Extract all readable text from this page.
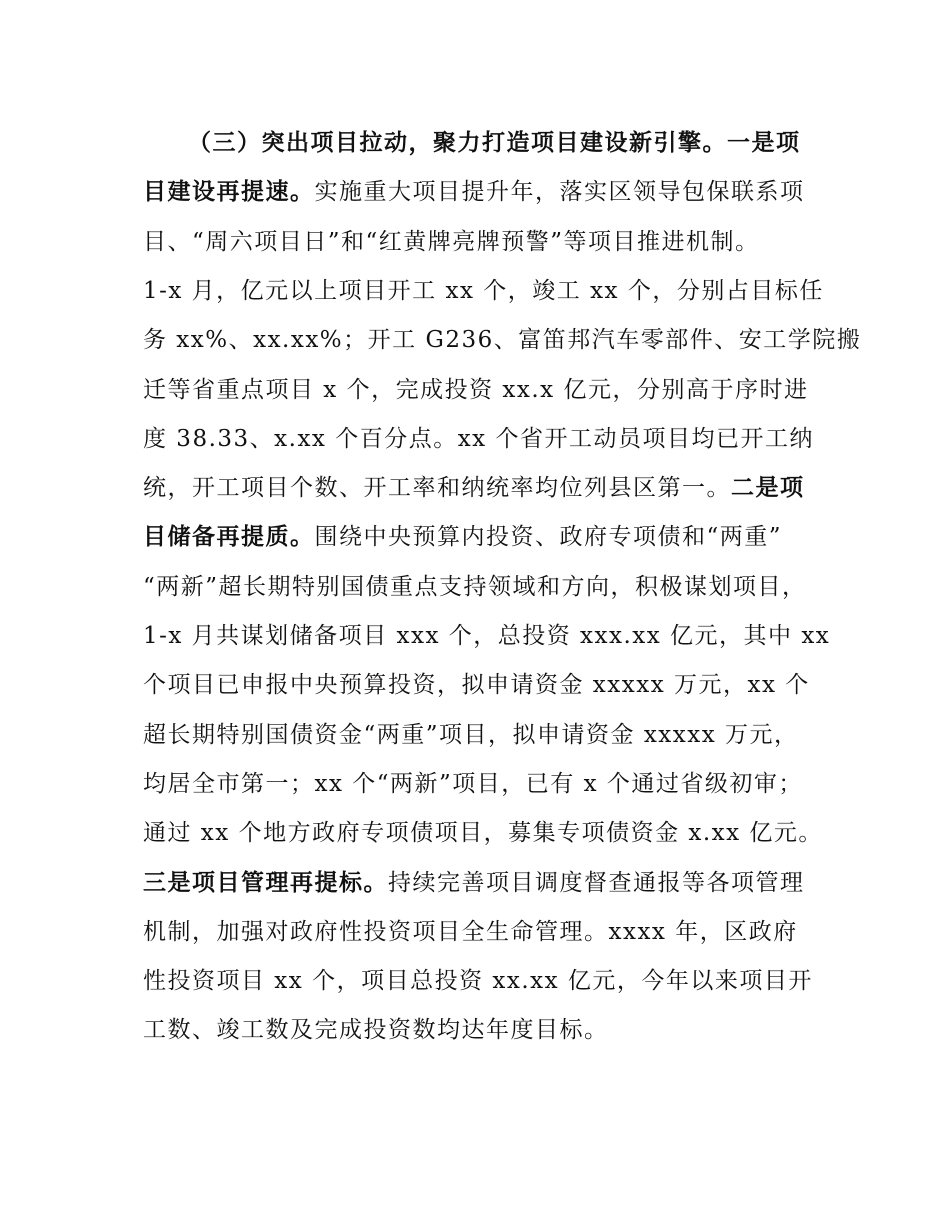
（三）突出项目拉动，聚力打造项目建设新引擎。一是项
目建设再提速。实施重大项目提升年，落实区领导包保联系项
目、“周六项目日”和“红黄牌亮牌预警”等项目推进机制。
1-x 月，亿元以上项目开工 xx 个，竣工 xx 个，分别占目标任
务 xx%、xx.xx%；开工 G236、富笛邦汽车零部件、安工学院搬
迁等省重点项目 x 个，完成投资 xx.x 亿元，分别高于序时进
度 38.33、x.xx 个百分点。xx 个省开工动员项目均已开工纳
统，开工项目个数、开工率和纳统率均位列县区第一。二是项
目储备再提质。围绕中央预算内投资、政府专项债和“两重”
“两新”超长期特别国债重点支持领域和方向，积极谋划项目，
1-x 月共谋划储备项目 xxx 个，总投资 xxx.xx 亿元，其中 xx
个项目已申报中央预算投资，拟申请资金 xxxxx 万元，xx 个
超长期特别国债资金“两重”项目，拟申请资金 xxxxx 万元，
均居全市第一；xx 个“两新”项目，已有 x 个通过省级初审；
通过 xx 个地方政府专项债项目，募集专项债资金 x.xx 亿元。
三是项目管理再提标。持续完善项目调度督查通报等各项管理
机制，加强对政府性投资项目全生命管理。xxxx 年，区政府
性投资项目 xx 个，项目总投资 xx.xx 亿元，今年以来项目开
工数、竣工数及完成投资数均达年度目标。
